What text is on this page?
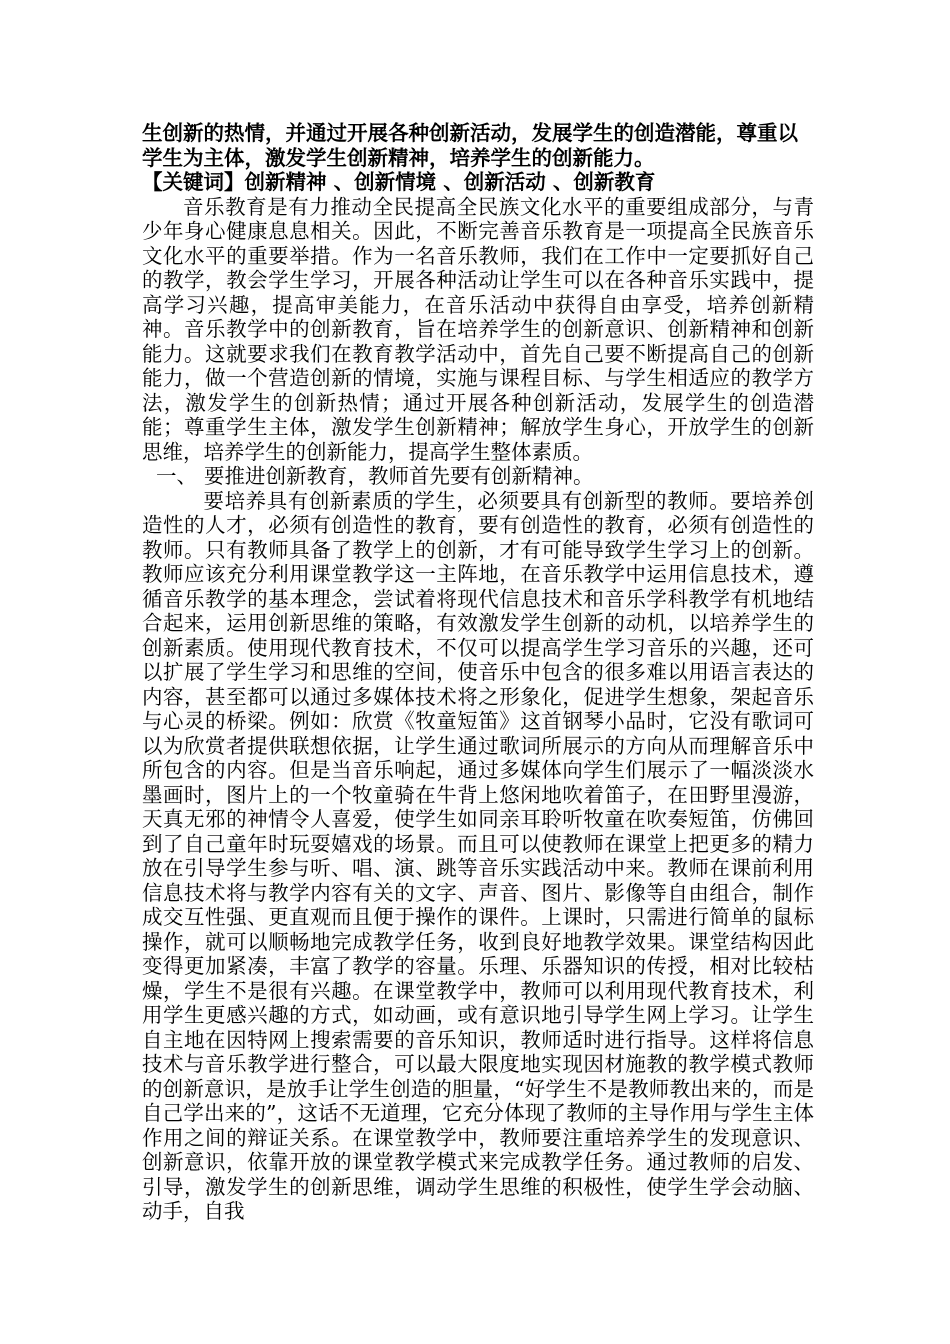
生创新的热情，并通过开展各种创新活动，发展学生的创造潜能，尊重以学生为主体，激发学生创新精神，培养学生的创新能力。

【关键词】创新精神 、创新情境 、创新活动 、创新教育

音乐教育是有力推动全民提高全民族文化水平的重要组成部分，与青少年身心健康息息相关。因此，不断完善音乐教育是一项提高全民族音乐文化水平的重要举措。作为一名音乐教师，我们在工作中一定要抓好自己的教学，教会学生学习，开展各种活动让学生可以在各种音乐实践中，提高学习兴趣，提高审美能力，在音乐活动中获得自由享受，培养创新精神。音乐教学中的创新教育，旨在培养学生的创新意识、创新精神和创新能力。这就要求我们在教育教学活动中，首先自己要不断提高自己的创新能力，做一个营造创新的情境，实施与课程目标、与学生相适应的教学方法，激发学生的创新热情；通过开展各种创新活动，发展学生的创造潜能；尊重学生主体，激发学生创新精神；解放学生身心，开放学生的创新思维，培养学生的创新能力，提高学生整体素质。

一、 要推进创新教育，教师首先要有创新精神。

要培养具有创新素质的学生，必须要具有创新型的教师。要培养创造性的人才，必须有创造性的教育，要有创造性的教育，必须有创造性的教师。只有教师具备了教学上的创新，才有可能导致学生学习上的创新。教师应该充分利用课堂教学这一主阵地，在音乐教学中运用信息技术，遵循音乐教学的基本理念，尝试着将现代信息技术和音乐学科教学有机地结合起来，运用创新思维的策略，有效激发学生创新的动机，以培养学生的创新素质。使用现代教育技术，不仅可以提高学生学习音乐的兴趣，还可以扩展了学生学习和思维的空间，使音乐中包含的很多难以用语言表达的内容，甚至都可以通过多媒体技术将之形象化，促进学生想象，架起音乐与心灵的桥梁。例如：欣赏《牧童短笛》这首钢琴小品时，它没有歌词可以为欣赏者提供联想依据，让学生通过歌词所展示的方向从而理解音乐中所包含的内容。但是当音乐响起，通过多媒体向学生们展示了一幅淡淡水墨画时，图片上的一个牧童骑在牛背上悠闲地吹着笛子，在田野里漫游，天真无邪的神情令人喜爱，使学生如同亲耳聆听牧童在吹奏短笛，仿佛回到了自己童年时玩耍嬉戏的场景。而且可以使教师在课堂上把更多的精力放在引导学生参与听、唱、演、跳等音乐实践活动中来。教师在课前利用信息技术将与教学内容有关的文字、声音、图片、影像等自由组合，制作成交互性强、更直观而且便于操作的课件。上课时，只需进行简单的鼠标操作，就可以顺畅地完成教学任务，收到良好地教学效果。课堂结构因此变得更加紧凑，丰富了教学的容量。乐理、乐器知识的传授，相对比较枯燥，学生不是很有兴趣。在课堂教学中，教师可以利用现代教育技术，利用学生更感兴趣的方式，如动画，或有意识地引导学生网上学习。让学生自主地在因特网上搜索需要的音乐知识，教师适时进行指导。这样将信息技术与音乐教学进行整合，可以最大限度地实现因材施教的教学模式教师的创新意识，是放手让学生创造的胆量，“好学生不是教师教出来的，而是自己学出来的”，这话不无道理，它充分体现了教师的主导作用与学生主体作用之间的辩证关系。在课堂教学中，教师要注重培养学生的发现意识、创新意识，依靠开放的课堂教学模式来完成教学任务。通过教师的启发、引导，激发学生的创新思维，调动学生思维的积极性，使学生学会动脑、动手，自我
